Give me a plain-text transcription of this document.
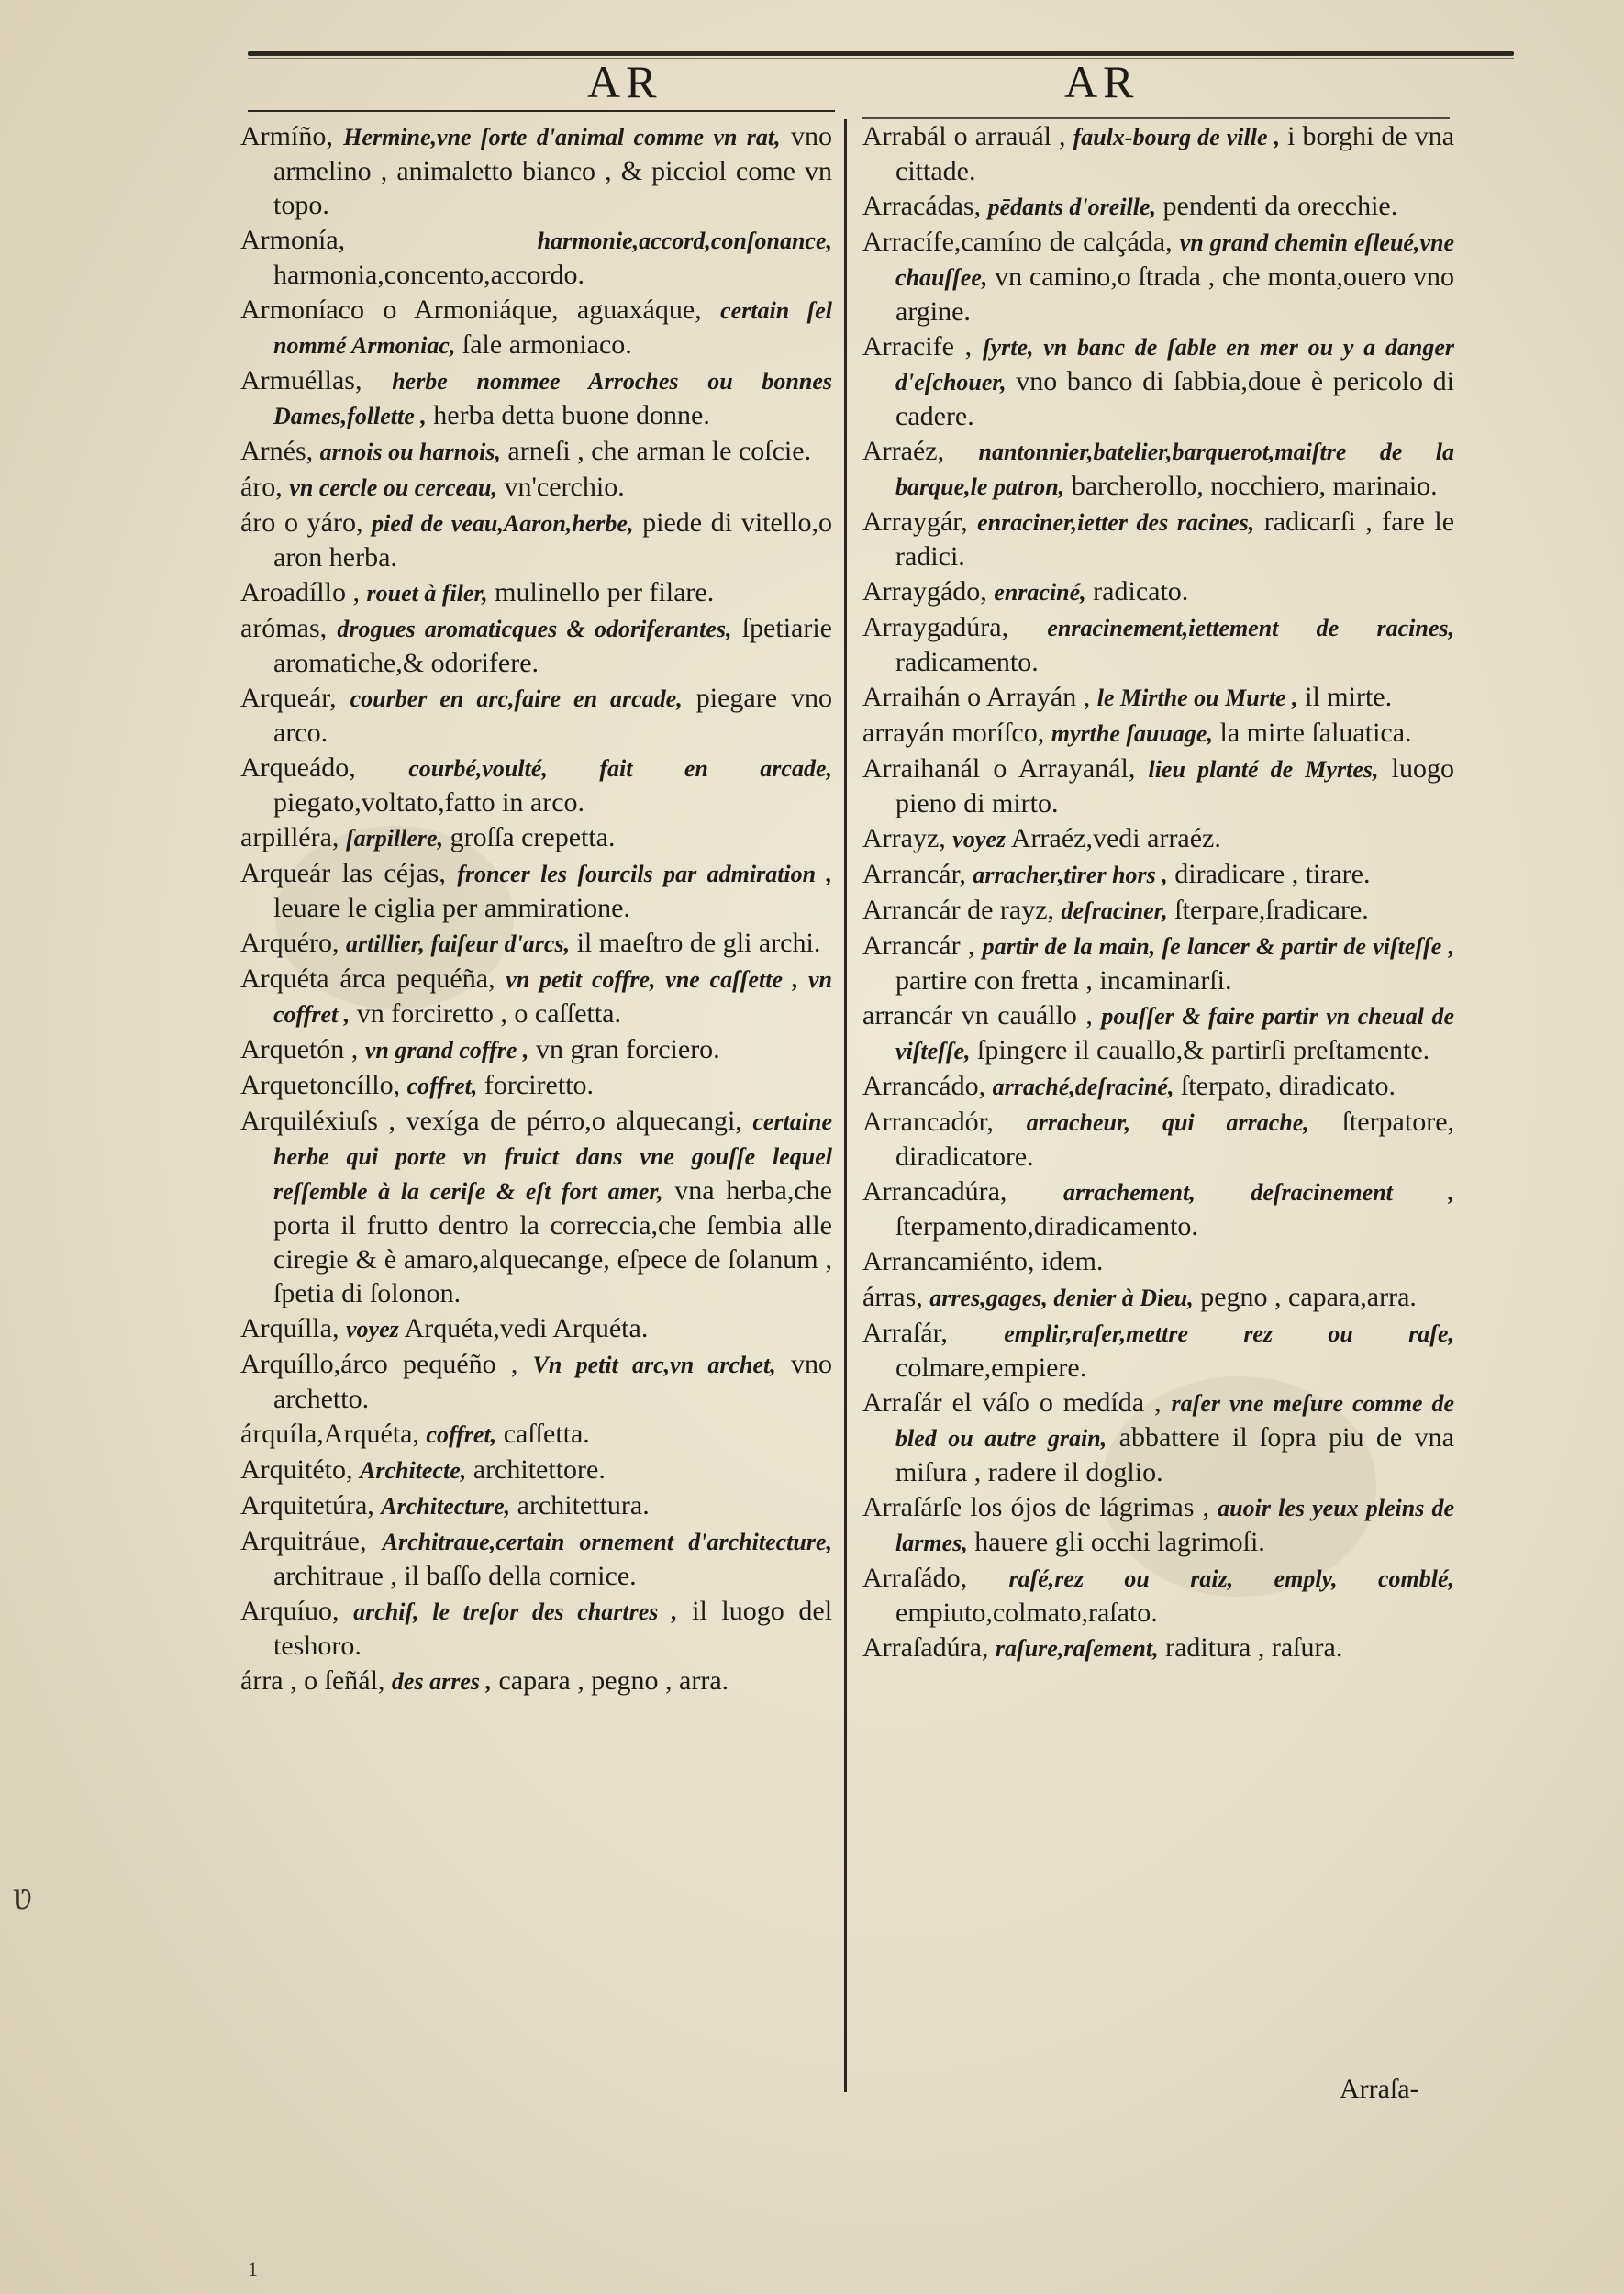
AR	AR
Armíño, Hermine,vne ſorte d'animal comme vn rat, vno armelino , animaletto bianco , & picciol come vn topo.
Armonía,	harmonie,accord,conſonance, harmonia,concento,accordo.
Armoníaco o Armoniáque, aguaxáque, certain ſel nommé Armoniac, ſale armoniaco.
Armuéllas, herbe nommee Arroches ou bonnes Dames,follette , herba detta buone donne.
Arnés, arnois ou harnois, arneſi , che arman le coſcie.
áro, vn cercle ou cerceau, vn'cerchio.
áro o yáro, pied de veau,Aaron,herbe, piede di vitello,o aron herba.
Aroadíllo , rouet à filer, mulinello per filare.
arómas, drogues aromaticques & odoriferantes, ſpetiarie aromatiche,& odorifere.
Arqueár, courber en arc,faire en arcade, piegare vno arco.
Arqueádo, courbé,voulté, fait en arcade, piegato,voltato,fatto in arco.
arpilléra, ſarpillere, groſſa crepetta.
Arqueár las céjas, froncer les ſourcils par admiration , leuare le ciglia per ammiratione.
Arquéro, artillier, faiſeur d'arcs, il maeſtro de gli archi.
Arquéta árca pequéña, vn petit coffre, vne caſſette , vn coffret , vn forciretto , o caſſetta.
Arquetón , vn grand coffre , vn gran forciero.
Arquetoncíllo, coffret, forciretto.
Arquiléxiuſs , vexíga de pérro,o alquecangi, certaine herbe qui porte vn fruict dans vne gouſſe lequel reſſemble à la ceriſe & eſt fort amer, vna herba,che porta il frutto dentro la correccia,che ſembia alle ciregie & è amaro,alquecange, eſpece de ſolanum , ſpetia di ſolonon.
Arquílla, voyez Arquéta,vedi Arquéta.
Arquíllo,árco pequéño , Vn petit arc,vn archet, vno archetto.
árquíla,Arquéta, coffret, caſſetta.
Arquitéto, Architecte, architettore.
Arquitetúra, Architecture, architettura.
Arquitráue, Architraue,certain ornement d'architecture, architraue , il baſſo della cornice.
Arquíuo, archif, le treſor des chartres , il luogo del teshoro.
árra , o ſeñál, des arres , capara , pegno , arra.
Arrabál o arrauál , faulx-bourg de ville , i borghi de vna cittade.
Arracádas, pēdants d'oreille, pendenti da orecchie.
Arracífe,camíno de calçáda, vn grand chemin eſleué,vne chauſſee, vn camino,o ſtrada , che monta,ouero vno argine.
Arracife , ſyrte, vn banc de ſable en mer ou y a danger d'eſchouer, vno banco di ſabbia,doue è pericolo di cadere.
Arraéz, nantonnier,batelier,barquerot,maiſtre de la barque,le patron, barcherollo, nocchiero, marinaio.
Arraygár, enraciner,ietter des racines, radicarſi , fare le radici.
Arraygádo, enraciné, radicato.
Arraygadúra, enracinement,iettement de racines, radicamento.
Arraihán o Arrayán , le Mirthe ou Murte , il mirte.
arrayán moríſco, myrthe ſauuage, la mirte ſaluatica.
Arraihanál o Arrayanál, lieu planté de Myrtes, luogo pieno di mirto.
Arrayz, voyez Arraéz,vedi arraéz.
Arrancár, arracher,tirer hors , diradicare , tirare.
Arrancár de rayz, deſraciner, ſterpare,ſradicare.
Arrancár , partir de la main, ſe lancer & partir de viſteſſe , partire con fretta , incaminarſi.
arrancár vn cauállo , pouſſer & faire partir vn cheual de viſteſſe, ſpingere il cauallo,& partirſi preſtamente.
Arrancádo, arraché,deſraciné, ſterpato, diradicato.
Arrancadór, arracheur, qui arrache, ſterpatore, diradicatore.
Arrancadúra, arrachement, deſracinement , ſterpamento,diradicamento.
Arrancamiénto, idem.
árras, arres,gages, denier à Dieu, pegno , capara,arra.
Arraſár, emplir,raſer,mettre rez ou raſe, colmare,empiere.
Arraſár el váſo o medída , raſer vne meſure comme de bled ou autre grain, abbattere il ſopra piu de vna miſura , radere il doglio.
Arraſárſe los ójos de lágrimas , auoir les yeux pleins de larmes, hauere gli occhi lagrimoſi.
Arraſádo, raſé,rez ou raiz, emply, comblé, empiuto,colmato,raſato.
Arraſadúra, raſure,raſement, raditura , raſura.
Arraſa-
ʋ
1
